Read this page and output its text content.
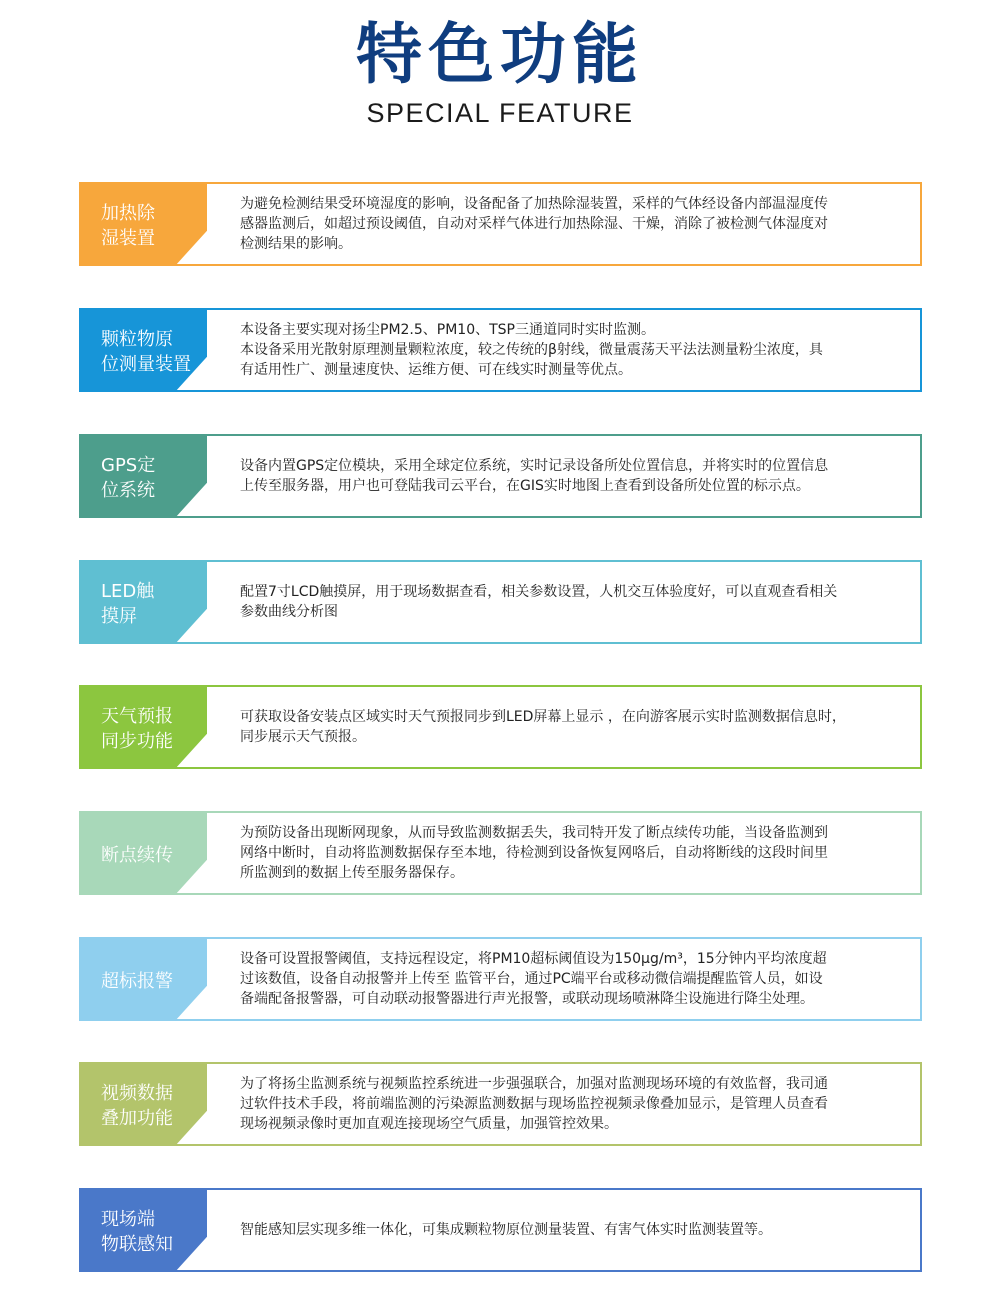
特色功能
SPECIAL FEATURE
加热除
湿装置
为避免检测结果受环境湿度的影响，设备配备了加热除湿装置，采样的气体经设备内部温湿度传
感器监测后，如超过预设阈值，自动对采样气体进行加热除湿、干燥，消除了被检测气体湿度对
检测结果的影响。
颗粒物原
位测量装置
本设备主要实现对扬尘PM2.5、PM10、TSP三通道同时实时监测。
本设备采用光散射原理测量颗粒浓度，较之传统的β射线，微量震荡天平法法测量粉尘浓度，具
有适用性广、测量速度快、运维方便、可在线实时测量等优点。
GPS定
位系统
设备内置GPS定位模块，采用全球定位系统，实时记录设备所处位置信息，并将实时的位置信息
上传至服务器，用户也可登陆我司云平台，在GIS实时地图上查看到设备所处位置的标示点。
LED触
摸屏
配置7寸LCD触摸屏，用于现场数据查看，相关参数设置，人机交互体验度好，可以直观查看相关
参数曲线分析图
天气预报
同步功能
可获取设备安装点区域实时天气预报同步到LED屏幕上显示 ，在向游客展示实时监测数据信息时，
同步展示天气预报。
断点续传
为预防设备出现断网现象，从而导致监测数据丢失，我司特开发了断点续传功能，当设备监测到
网络中断时，自动将监测数据保存至本地，待检测到设备恢复网咯后，自动将断线的这段时间里
所监测到的数据上传至服务器保存。
超标报警
设备可设置报警阈值，支持远程设定，将PM10超标阈值设为150μg/m³，15分钟内平均浓度超
过该数值，设备自动报警并上传至 监管平台，通过PC端平台或移动微信端提醒监管人员，如设
备端配备报警器，可自动联动报警器进行声光报警，或联动现场喷淋降尘设施进行降尘处理。
视频数据
叠加功能
为了将扬尘监测系统与视频监控系统进一步强强联合，加强对监测现场环境的有效监督，我司通
过软件技术手段，将前端监测的污染源监测数据与现场监控视频录像叠加显示，是管理人员查看
现场视频录像时更加直观连接现场空气质量，加强管控效果。
现场端
物联感知
智能感知层实现多维一体化，可集成颗粒物原位测量装置、有害气体实时监测装置等。
